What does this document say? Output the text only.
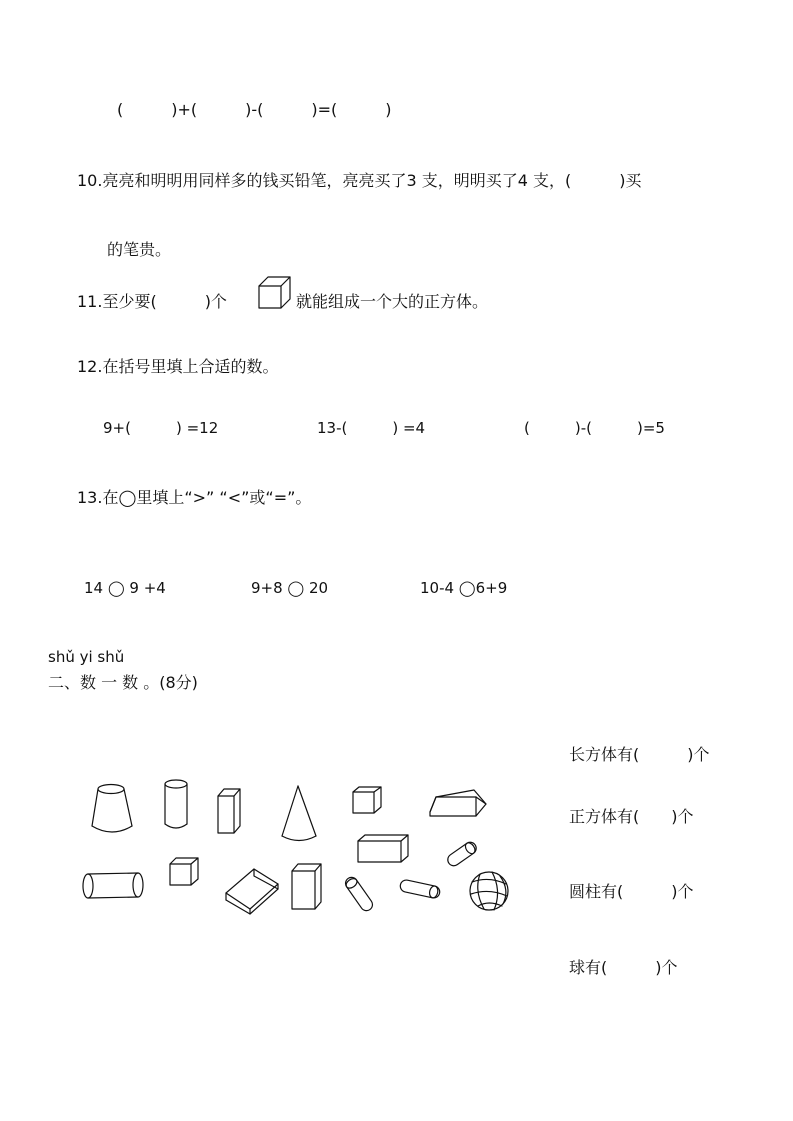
(　　　)+(　　　)-(　　　)=(　　　)
10.亮亮和明明用同样多的钱买铅笔，亮亮买了3 支，明明买了4 支，(　　　)买
的笔贵。
11.至少要(　　　)个	就能组成一个大的正方体。
12.在括号里填上合适的数。
9+(　　　) =12	13-(　　　) =4	(　　　)-(　　　)=5
13.在◯里填上“>” “<”或“=”。
14 ◯ 9 +4	9+8 ◯ 20	10-4 ◯6+9
shǔ yi shǔ
二、数 一 数 。(8分)
长方体有(　　　)个
正方体有(　　)个
圆柱有(　　　)个
球有(　　　)个
